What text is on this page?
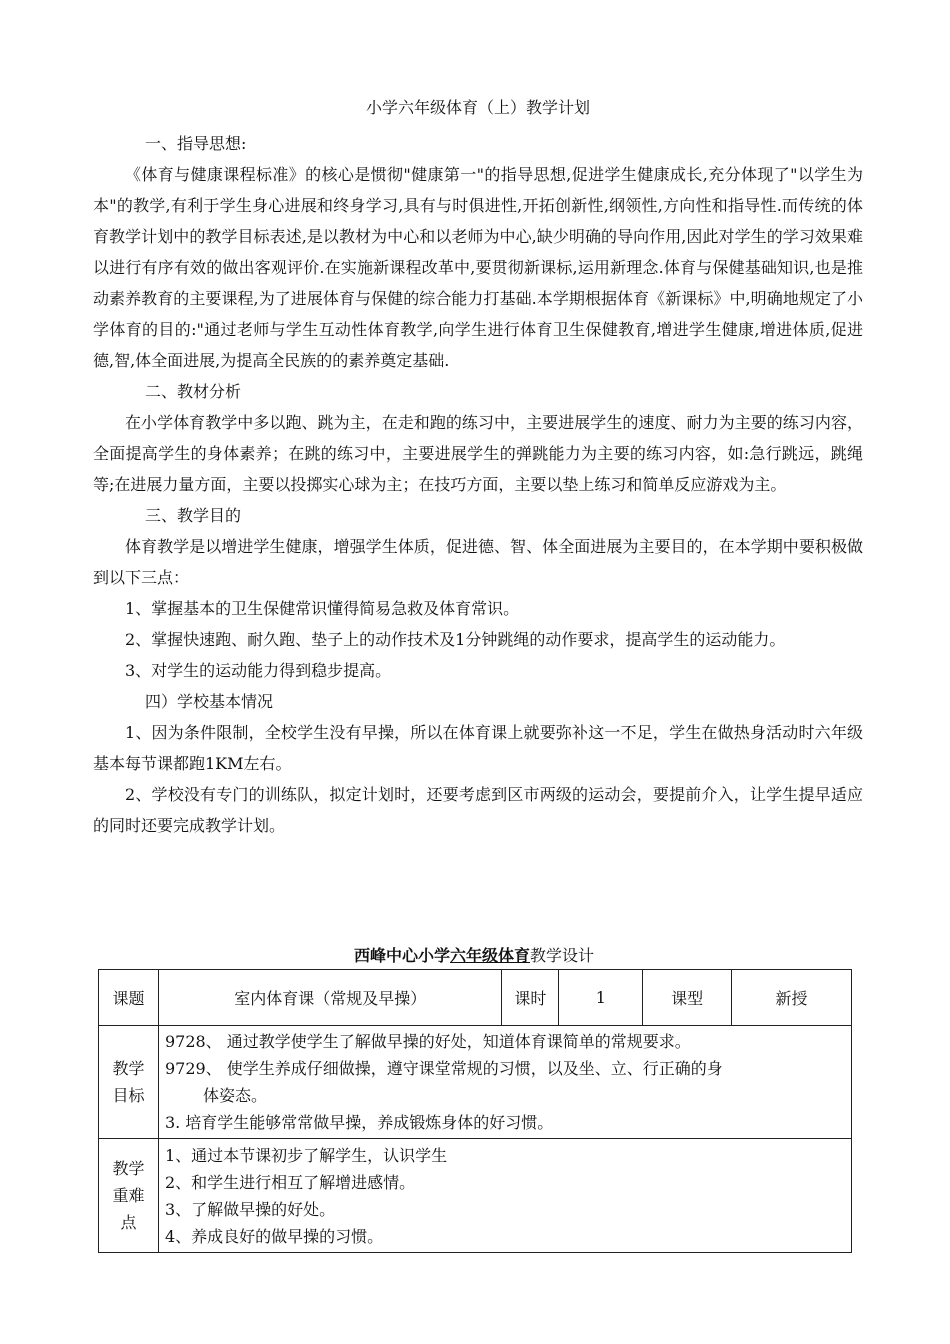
小学六年级体育（上）教学计划

一、指导思想:

《体育与健康课程标准》的核心是惯彻"健康第一"的指导思想,促进学生健康成长,充分体现了"以学生为本"的教学,有利于学生身心进展和终身学习,具有与时俱进性,开拓创新性,纲领性,方向性和指导性.而传统的体育教学计划中的教学目标表述,是以教材为中心和以老师为中心,缺少明确的导向作用,因此对学生的学习效果难以进行有序有效的做出客观评价.在实施新课程改革中,要贯彻新课标,运用新理念.体育与保健基础知识,也是推动素养教育的主要课程,为了进展体育与保健的综合能力打基础.本学期根据体育《新课标》中,明确地规定了小学体育的目的:"通过老师与学生互动性体育教学,向学生进行体育卫生保健教育,增进学生健康,增进体质,促进德,智,体全面进展,为提高全民族的的素养奠定基础.

二、教材分析

在小学体育教学中多以跑、跳为主，在走和跑的练习中，主要进展学生的速度、耐力为主要的练习内容，全面提高学生的身体素养；在跳的练习中，主要进展学生的弹跳能力为主要的练习内容，如:急行跳远，跳绳等;在进展力量方面，主要以投掷实心球为主；在技巧方面，主要以垫上练习和简单反应游戏为主。

三、教学目的

体育教学是以增进学生健康，增强学生体质，促进德、智、体全面进展为主要目的，在本学期中要积极做到以下三点：

1、掌握基本的卫生保健常识懂得简易急救及体育常识。

2、掌握快速跑、耐久跑、垫子上的动作技术及1分钟跳绳的动作要求，提高学生的运动能力。

3、对学生的运动能力得到稳步提高。

四）学校基本情况

1、因为条件限制，全校学生没有早操，所以在体育课上就要弥补这一不足，学生在做热身活动时六年级基本每节课都跑1KM左右。

2、学校没有专门的训练队，拟定计划时，还要考虑到区市两级的运动会，要提前介入，让学生提早适应的同时还要完成教学计划。

西峰中心小学六年级体育教学设计
课题	室内体育课（常规及早操）	课时	1	课型	新授

教学目标	9728、 通过教学使学生了解做早操的好处，知道体育课简单的常规要求。
9729、 使学生养成仔细做操，遵守课堂常规的习惯，以及坐、立、行正确的身
体姿态。
3. 培育学生能够常常做早操，养成锻炼身体的好习惯。				

教学重难点	1、通过本节课初步了解学生，认识学生
2、和学生进行相互了解增进感情。
3、了解做早操的好处。
4、养成良好的做早操的习惯。				
